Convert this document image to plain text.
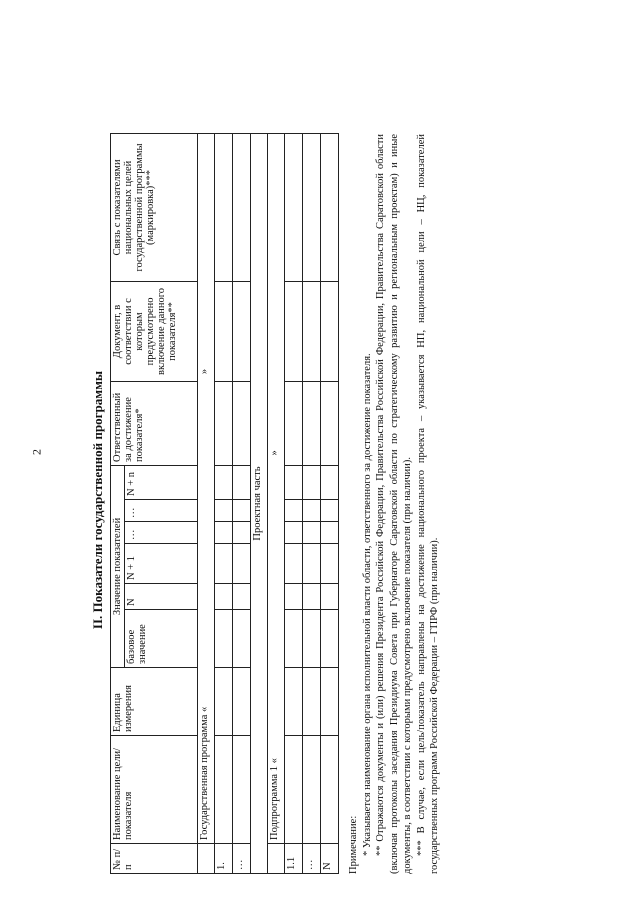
2	II. Показатели государственной программы
№ п/п	Наименование цели/показателя	Единица измерения	Значение показателей						Ответственный за достижение показателя*	Документ, в соответствии с которым предусмотрено включение данного показателя**	Связь с показателями национальных целей государственной программы (маркировка)***
			базовое значение	N	N + 1	…	…	N + n			
	Государственная программа « »										
1.											
…											
Проектная часть											
	Подпрограмма 1 « »										
1.1											
…											
N											Примечание: * Указывается наименование органа исполнительной власти области, ответственного за достижение показателя. ** Отражаются документы и (или) решения Президента Российской Федерации, Правительства Российской Федерации, Правительства Саратовской области (включая протоколы заседания Президиума Совета при Губернаторе Саратовской области по стратегическому развитию и региональным проектам) и иные документы, в соответствии с которыми предусмотрено включение показателя (при наличии). *** В случае, если цель/показатель направлены на достижение национального проекта – указывается НП, национальной цели – НЦ, показателей государственных программ Российской Федерации – ГПРФ (при наличии).
